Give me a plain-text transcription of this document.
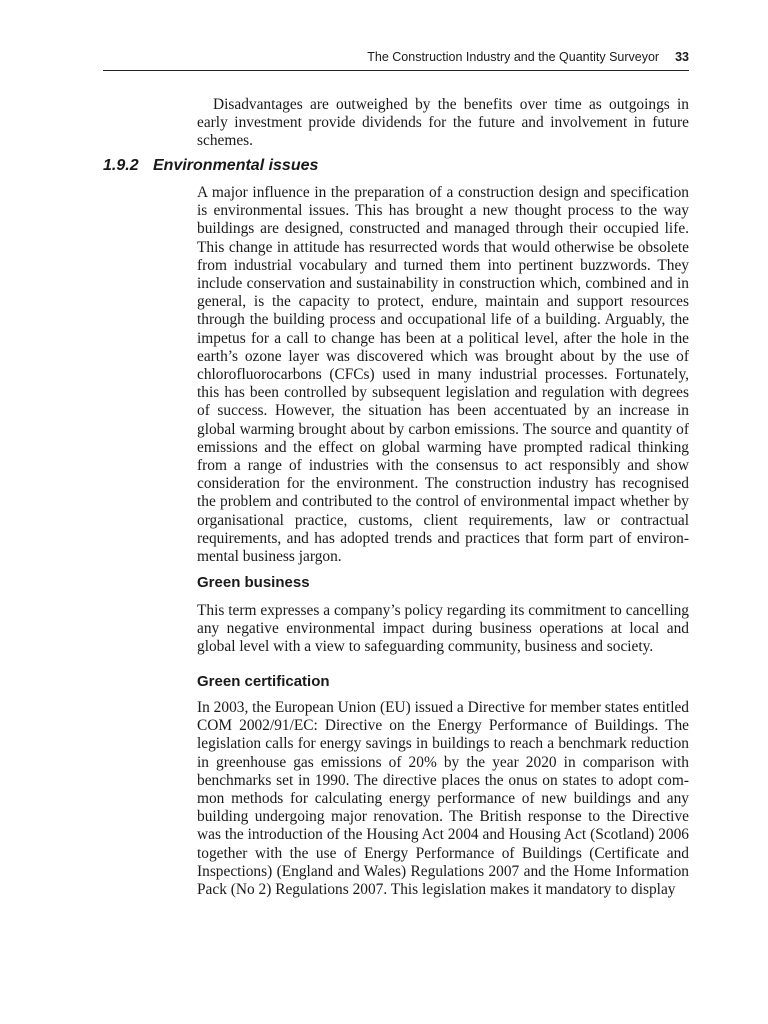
The Construction Industry and the Quantity Surveyor 33

Disadvantages are outweighed by the benefits over time as outgoings in early investment provide dividends for the future and involvement in future schemes.

1.9.2 Environmental issues

A major influence in the preparation of a construction design and specification is environmental issues. This has brought a new thought process to the way buildings are designed, constructed and managed through their occupied life. This change in attitude has resurrected words that would otherwise be obsolete from industrial vocabulary and turned them into pertinent buzzwords. They include conservation and sustainability in construction which, combined and in general, is the capacity to protect, endure, maintain and support resources through the building process and occupational life of a building. Arguably, the impetus for a call to change has been at a political level, after the hole in the earth’s ozone layer was discovered which was brought about by the use of chlorofluorocarbons (CFCs) used in many industrial processes. Fortunately, this has been controlled by subsequent legislation and regulation with degrees of success. However, the situation has been accentuated by an increase in global warming brought about by carbon emissions. The source and quantity of emissions and the effect on global warming have prompted radical thinking from a range of industries with the consensus to act responsibly and show consideration for the environment. The construction industry has recognised the problem and contributed to the control of environmental impact whether by organisational practice, customs, client requirements, law or contractual requirements, and has adopted trends and practices that form part of environmental business jargon.

Green business

This term expresses a company’s policy regarding its commitment to cancelling any negative environmental impact during business operations at local and global level with a view to safeguarding community, business and society.

Green certification

In 2003, the European Union (EU) issued a Directive for member states entitled COM 2002/91/EC: Directive on the Energy Performance of Buildings. The legislation calls for energy savings in buildings to reach a benchmark reduction in greenhouse gas emissions of 20% by the year 2020 in comparison with benchmarks set in 1990. The directive places the onus on states to adopt common methods for calculating energy performance of new buildings and any building undergoing major renovation. The British response to the Directive was the introduction of the Housing Act 2004 and Housing Act (Scotland) 2006 together with the use of Energy Performance of Buildings (Certificate and Inspections) (England and Wales) Regulations 2007 and the Home Information Pack (No 2) Regulations 2007. This legislation makes it mandatory to display
